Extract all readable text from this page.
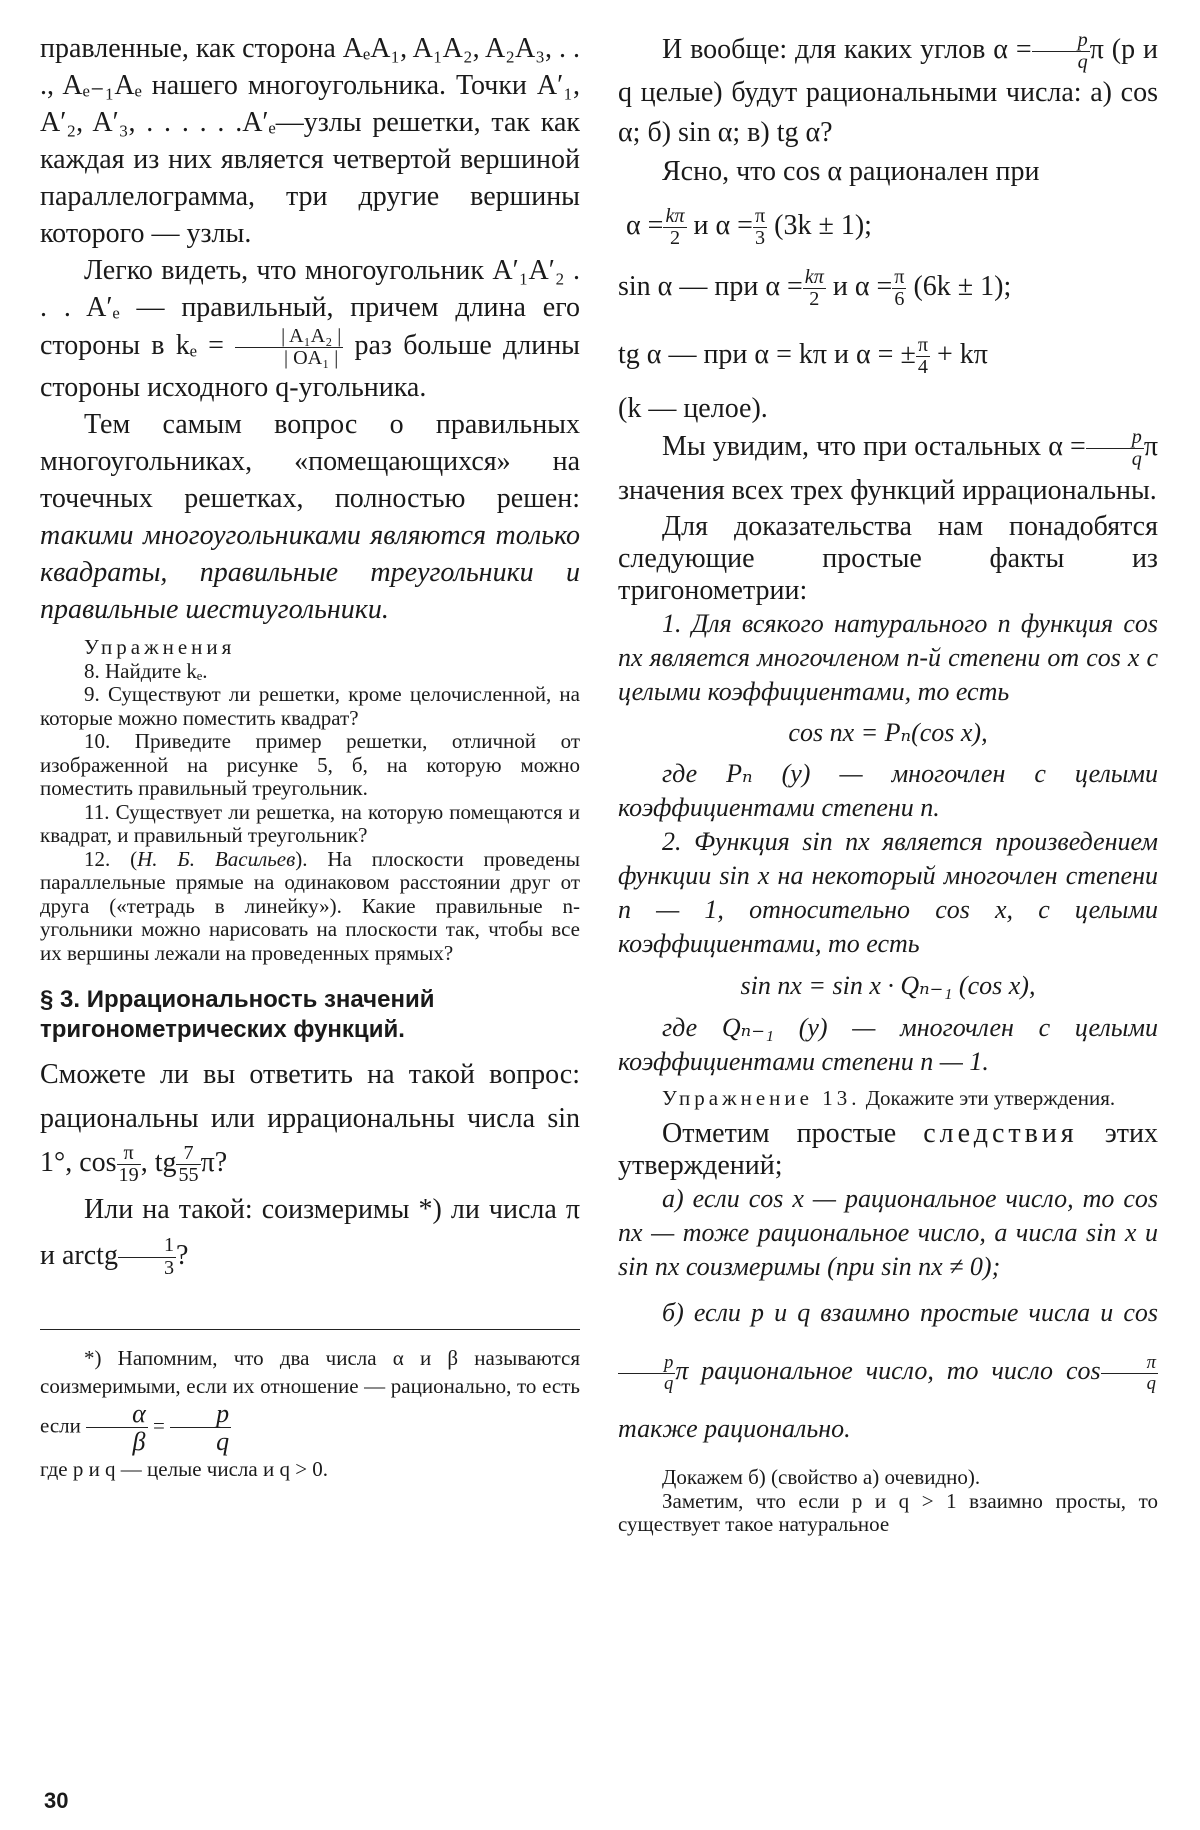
правленные, как сторона AₑA₁, A₁A₂, A₂A₃, . . ., Aₑ₋₁Aₑ нашего многоугольника. Точки A′₁, A′₂, A′₃, . . . . . .A′ₑ—узлы решетки, так как каждая из них является четвертой вершиной параллелограмма, три другие вершины которого — узлы.

Легко видеть, что многоугольник A′₁A′₂ . . . A′ₑ — правильный, причем длина его стороны в $k_e = \frac{\text{| A₁A₂ |}}{\text{| OA₁ |}}$ раз больше длины стороны исходного q-угольника.

Тем самым вопрос о правильных многоугольниках, «помещающихся» на точечных решетках, полностью решен: такими многоугольниками являются только квадраты, правильные треугольники и правильные шестиугольники.

Упражнения

8. Найдите kₑ.

9. Существуют ли решетки, кроме целочисленной, на которые можно поместить квадрат?

10. Приведите пример решетки, отличной от изображенной на рисунке 5, б, на которую можно поместить правильный треугольник.

11. Существует ли решетка, на которую помещаются и квадрат, и правильный треугольник?

12. (Н. Б. Васильев). На плоскости проведены параллельные прямые на одинаковом расстоянии друг от друга («тетрадь в линейку»). Какие правильные n-угольники можно нарисовать на плоскости так, чтобы все их вершины лежали на проведенных прямых?

§ 3. Иррациональность значений тригонометрических функций.

Сможете ли вы ответить на такой вопрос: рациональны или иррациональны числа sin 1°, $\cos \frac{\pi}{19}$ , tg $\frac{7}{55} \pi$?

Или на такой: соизмеримы *) ли числа π и arctg $\frac{1}{3}$ ?

*) Напомним, что два числа α и β называются соизмеримыми, если их отношение — рационально, то есть если $\frac{\alpha}{\beta} = \frac{p}{q}$

где p и q — целые числа и q > 0.

И вообще: для каких углов $\alpha = \frac{p}{q}$ π (p и q целые) будут рациональными числа: а) cos α; б) sin α; в) tg α?

Ясно, что cos α рационален при

$\alpha = \frac{k\pi}{2}$ и $\alpha = \frac{\pi}{3} (3k \pm 1)$;

sin α — при $\alpha = \frac{k\pi}{2}$ и $\alpha = \frac{\pi}{6} (6k \pm 1)$;

tg α — при α = kπ и α = ± $\frac{\pi}{4} + k\pi$

(k — целое).

Мы увидим, что при остальных $\alpha = \frac{p}{q}$ π значения всех трех функций иррациональны.

Для доказательства нам понадобятся следующие простые факты из тригонометрии:

1. Для всякого натурального n функция cos nx является многочленом n-й степени от cos x с целыми коэффициентами, то есть

cos nx = Pₙ(cos x),

где Pₙ (y) — многочлен с целыми коэффициентами степени n.

2. Функция sin nx является произведением функции sin x на некоторый многочлен степени n — 1, относительно cos x, с целыми коэффициентами, то есть

sin nx = sin x · Qₙ₋₁ (cos x),

где Qₙ₋₁ (y) — многочлен с целыми коэффициентами степени n — 1.

Упражнение 13. Докажите эти утверждения.

Отметим простые следствия этих утверждений;

а) если cos x — рациональное число, то cos nx — тоже рациональное число, а числа sin x и sin nx соизмеримы (при sin nx ≠ 0);

б) если p и q взаимно простые числа и cos
$\frac{p}{q}$ π рациональное число, то число $\cos \frac{\pi}{q}$
также рационально.

Докажем б) (свойство а) очевидно).

Заметим, что если p и q > 1 взаимно просты, то существует такое натуральное

30
